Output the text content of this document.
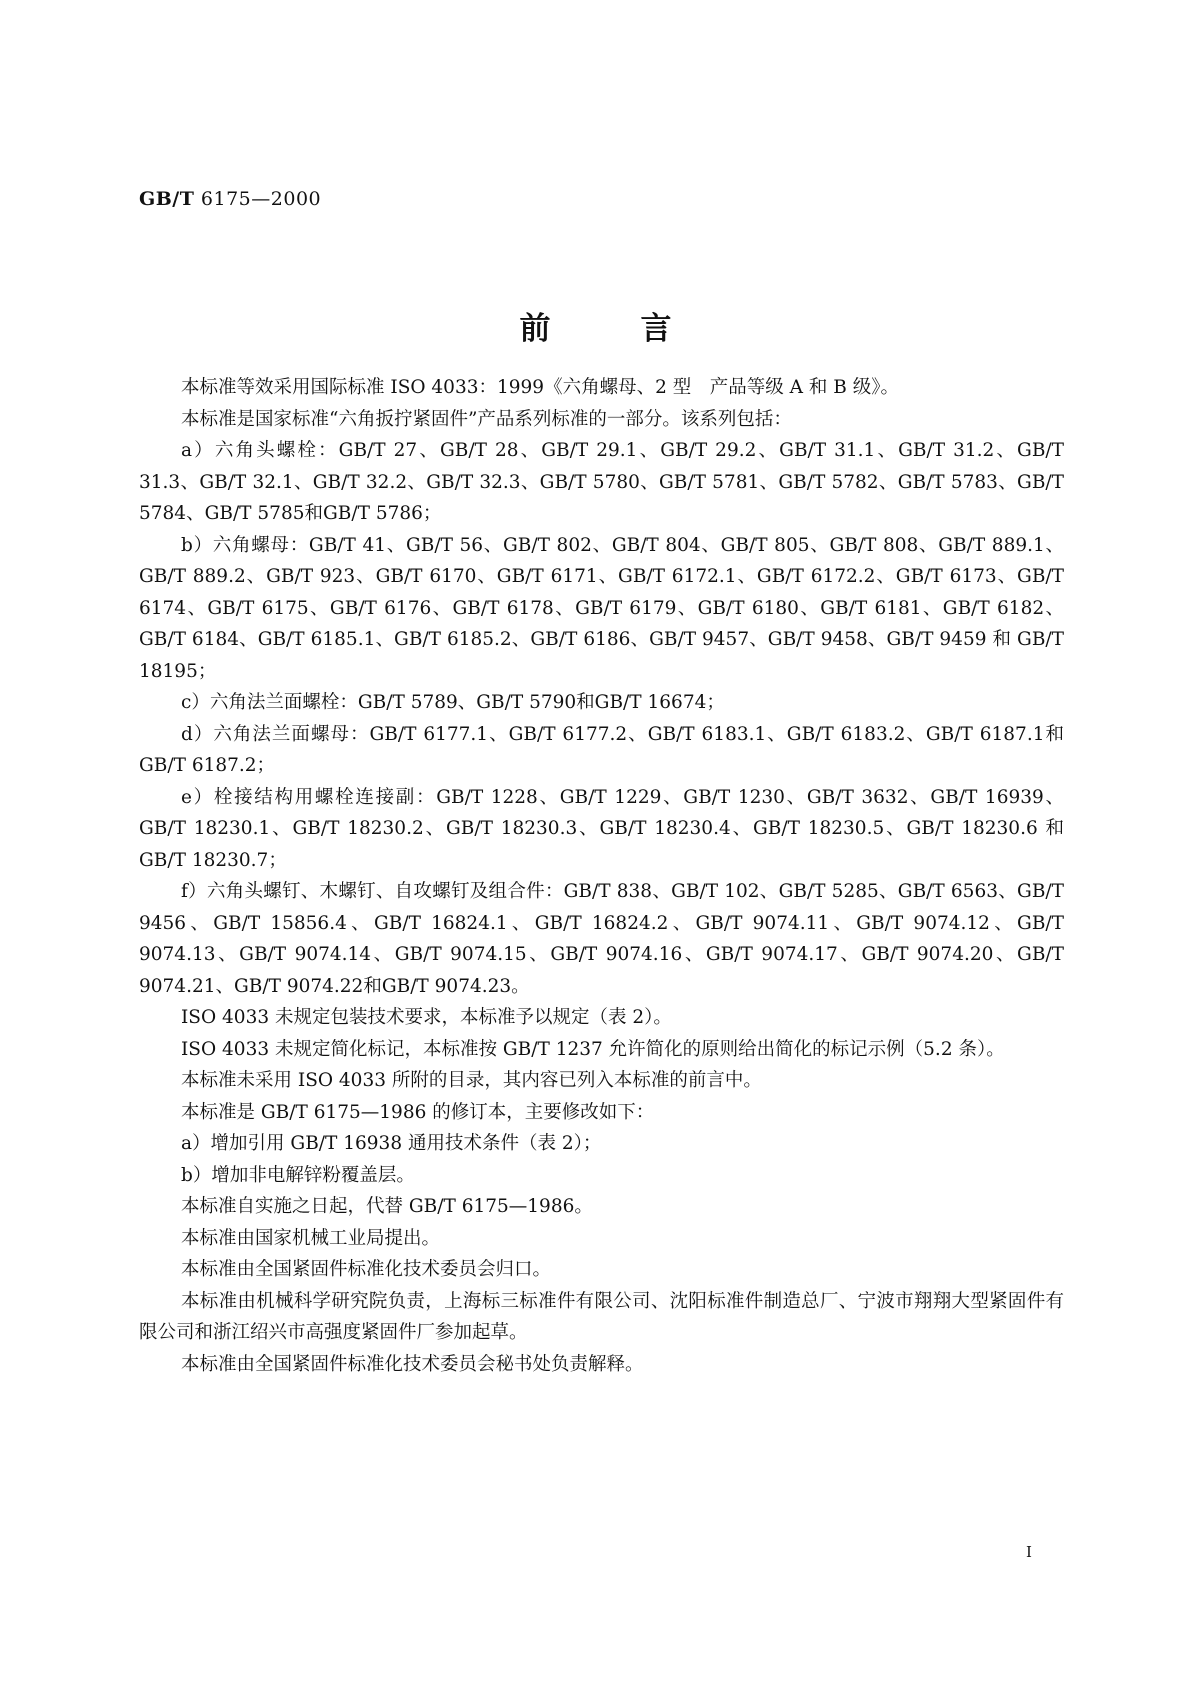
GB/T 6175—2000
前言

本标准等效采用国际标准 ISO 4033：1999《六角螺母、2 型　产品等级 A 和 B 级》。

本标准是国家标准“六角扳拧紧固件”产品系列标准的一部分。该系列包括：

a）六角头螺栓：GB/T 27、GB/T 28、GB/T 29.1、GB/T 29.2、GB/T 31.1、GB/T 31.2、GB/T 31.3、GB/T 32.1、GB/T 32.2、GB/T 32.3、GB/T 5780、GB/T 5781、GB/T 5782、GB/T 5783、GB/T 5784、GB/T 5785和GB/T 5786；

b）六角螺母：GB/T 41、GB/T 56、GB/T 802、GB/T 804、GB/T 805、GB/T 808、GB/T 889.1、GB/T 889.2、GB/T 923、GB/T 6170、GB/T 6171、GB/T 6172.1、GB/T 6172.2、GB/T 6173、GB/T 6174、GB/T 6175、GB/T 6176、GB/T 6178、GB/T 6179、GB/T 6180、GB/T 6181、GB/T 6182、GB/T 6184、GB/T 6185.1、GB/T 6185.2、GB/T 6186、GB/T 9457、GB/T 9458、GB/T 9459 和 GB/T 18195；

c）六角法兰面螺栓：GB/T 5789、GB/T 5790和GB/T 16674；

d）六角法兰面螺母：GB/T 6177.1、GB/T 6177.2、GB/T 6183.1、GB/T 6183.2、GB/T 6187.1和GB/T 6187.2；

e）栓接结构用螺栓连接副：GB/T 1228、GB/T 1229、GB/T 1230、GB/T 3632、GB/T 16939、GB/T 18230.1、GB/T 18230.2、GB/T 18230.3、GB/T 18230.4、GB/T 18230.5、GB/T 18230.6 和 GB/T 18230.7；

f）六角头螺钉、木螺钉、自攻螺钉及组合件：GB/T 838、GB/T 102、GB/T 5285、GB/T 6563、GB/T 9456、GB/T 15856.4、GB/T 16824.1、GB/T 16824.2、GB/T 9074.11、GB/T 9074.12、GB/T 9074.13、GB/T 9074.14、GB/T 9074.15、GB/T 9074.16、GB/T 9074.17、GB/T 9074.20、GB/T 9074.21、GB/T 9074.22和GB/T 9074.23。

ISO 4033 未规定包装技术要求，本标准予以规定（表 2）。

ISO 4033 未规定简化标记，本标准按 GB/T 1237 允许简化的原则给出简化的标记示例（5.2 条）。

本标准未采用 ISO 4033 所附的目录，其内容已列入本标准的前言中。

本标准是 GB/T 6175—1986 的修订本，主要修改如下：

a）增加引用 GB/T 16938 通用技术条件（表 2）；

b）增加非电解锌粉覆盖层。

本标准自实施之日起，代替 GB/T 6175—1986。

本标准由国家机械工业局提出。

本标准由全国紧固件标准化技术委员会归口。

本标准由机械科学研究院负责，上海标三标准件有限公司、沈阳标准件制造总厂、宁波市翔翔大型紧固件有限公司和浙江绍兴市高强度紧固件厂参加起草。

本标准由全国紧固件标准化技术委员会秘书处负责解释。

I
